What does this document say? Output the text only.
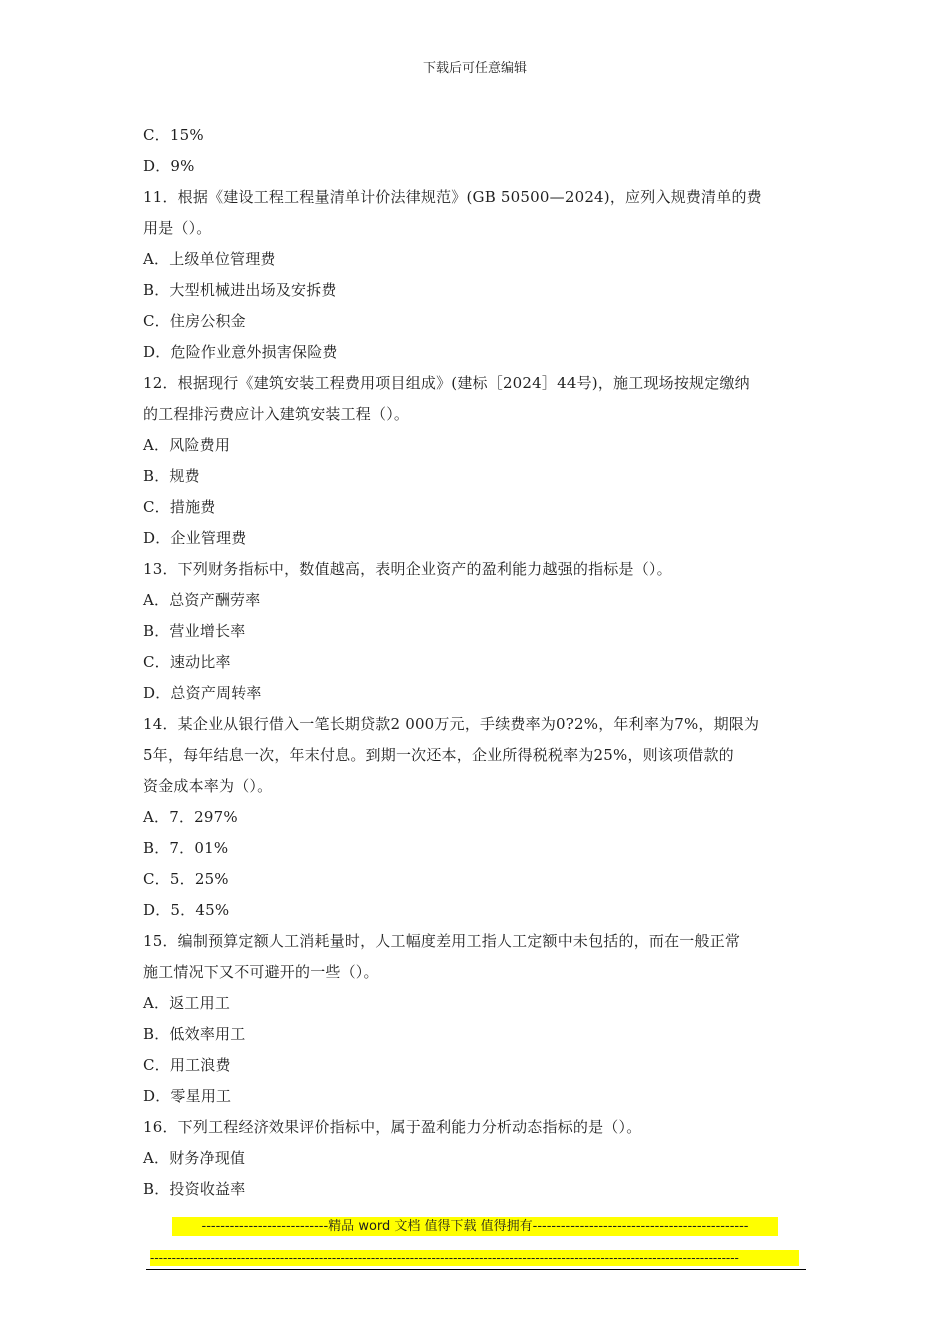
下载后可任意编辑
C．15%
D．9%
11．根据《建设工程工程量清单计价法律规范》(GB 50500—2024)，应列入规费清单的费
用是（）。
A．上级单位管理费
B．大型机械进出场及安拆费
C．住房公积金
D．危险作业意外损害保险费
12．根据现行《建筑安装工程费用项目组成》(建标［2024］44号)，施工现场按规定缴纳
的工程排污费应计入建筑安装工程（）。
A．风险费用
B．规费
C．措施费
D．企业管理费
13．下列财务指标中，数值越高，表明企业资产的盈利能力越强的指标是（）。
A．总资产酬劳率
B．营业增长率
C．速动比率
D．总资产周转率
14．某企业从银行借入一笔长期贷款2 000万元，手续费率为0?2%，年利率为7%，期限为
5年，每年结息一次，年末付息。到期一次还本，企业所得税税率为25%，则该项借款的
资金成本率为（）。
A．7．297%
B．7．01%
C．5．25%
D．5．45%
15．编制预算定额人工消耗量时，人工幅度差用工指人工定额中未包括的，而在一般正常
施工情况下又不可避开的一些（）。
A．返工用工
B．低效率用工
C．用工浪费
D．零星用工
16．下列工程经济效果评价指标中，属于盈利能力分析动态指标的是（）。
A．财务净现值
B．投资收益率
---------------------------精品 word 文档 值得下载 值得拥有----------------------------------------------
----------------------------------------------------------------------------------------------------------------------------------------
